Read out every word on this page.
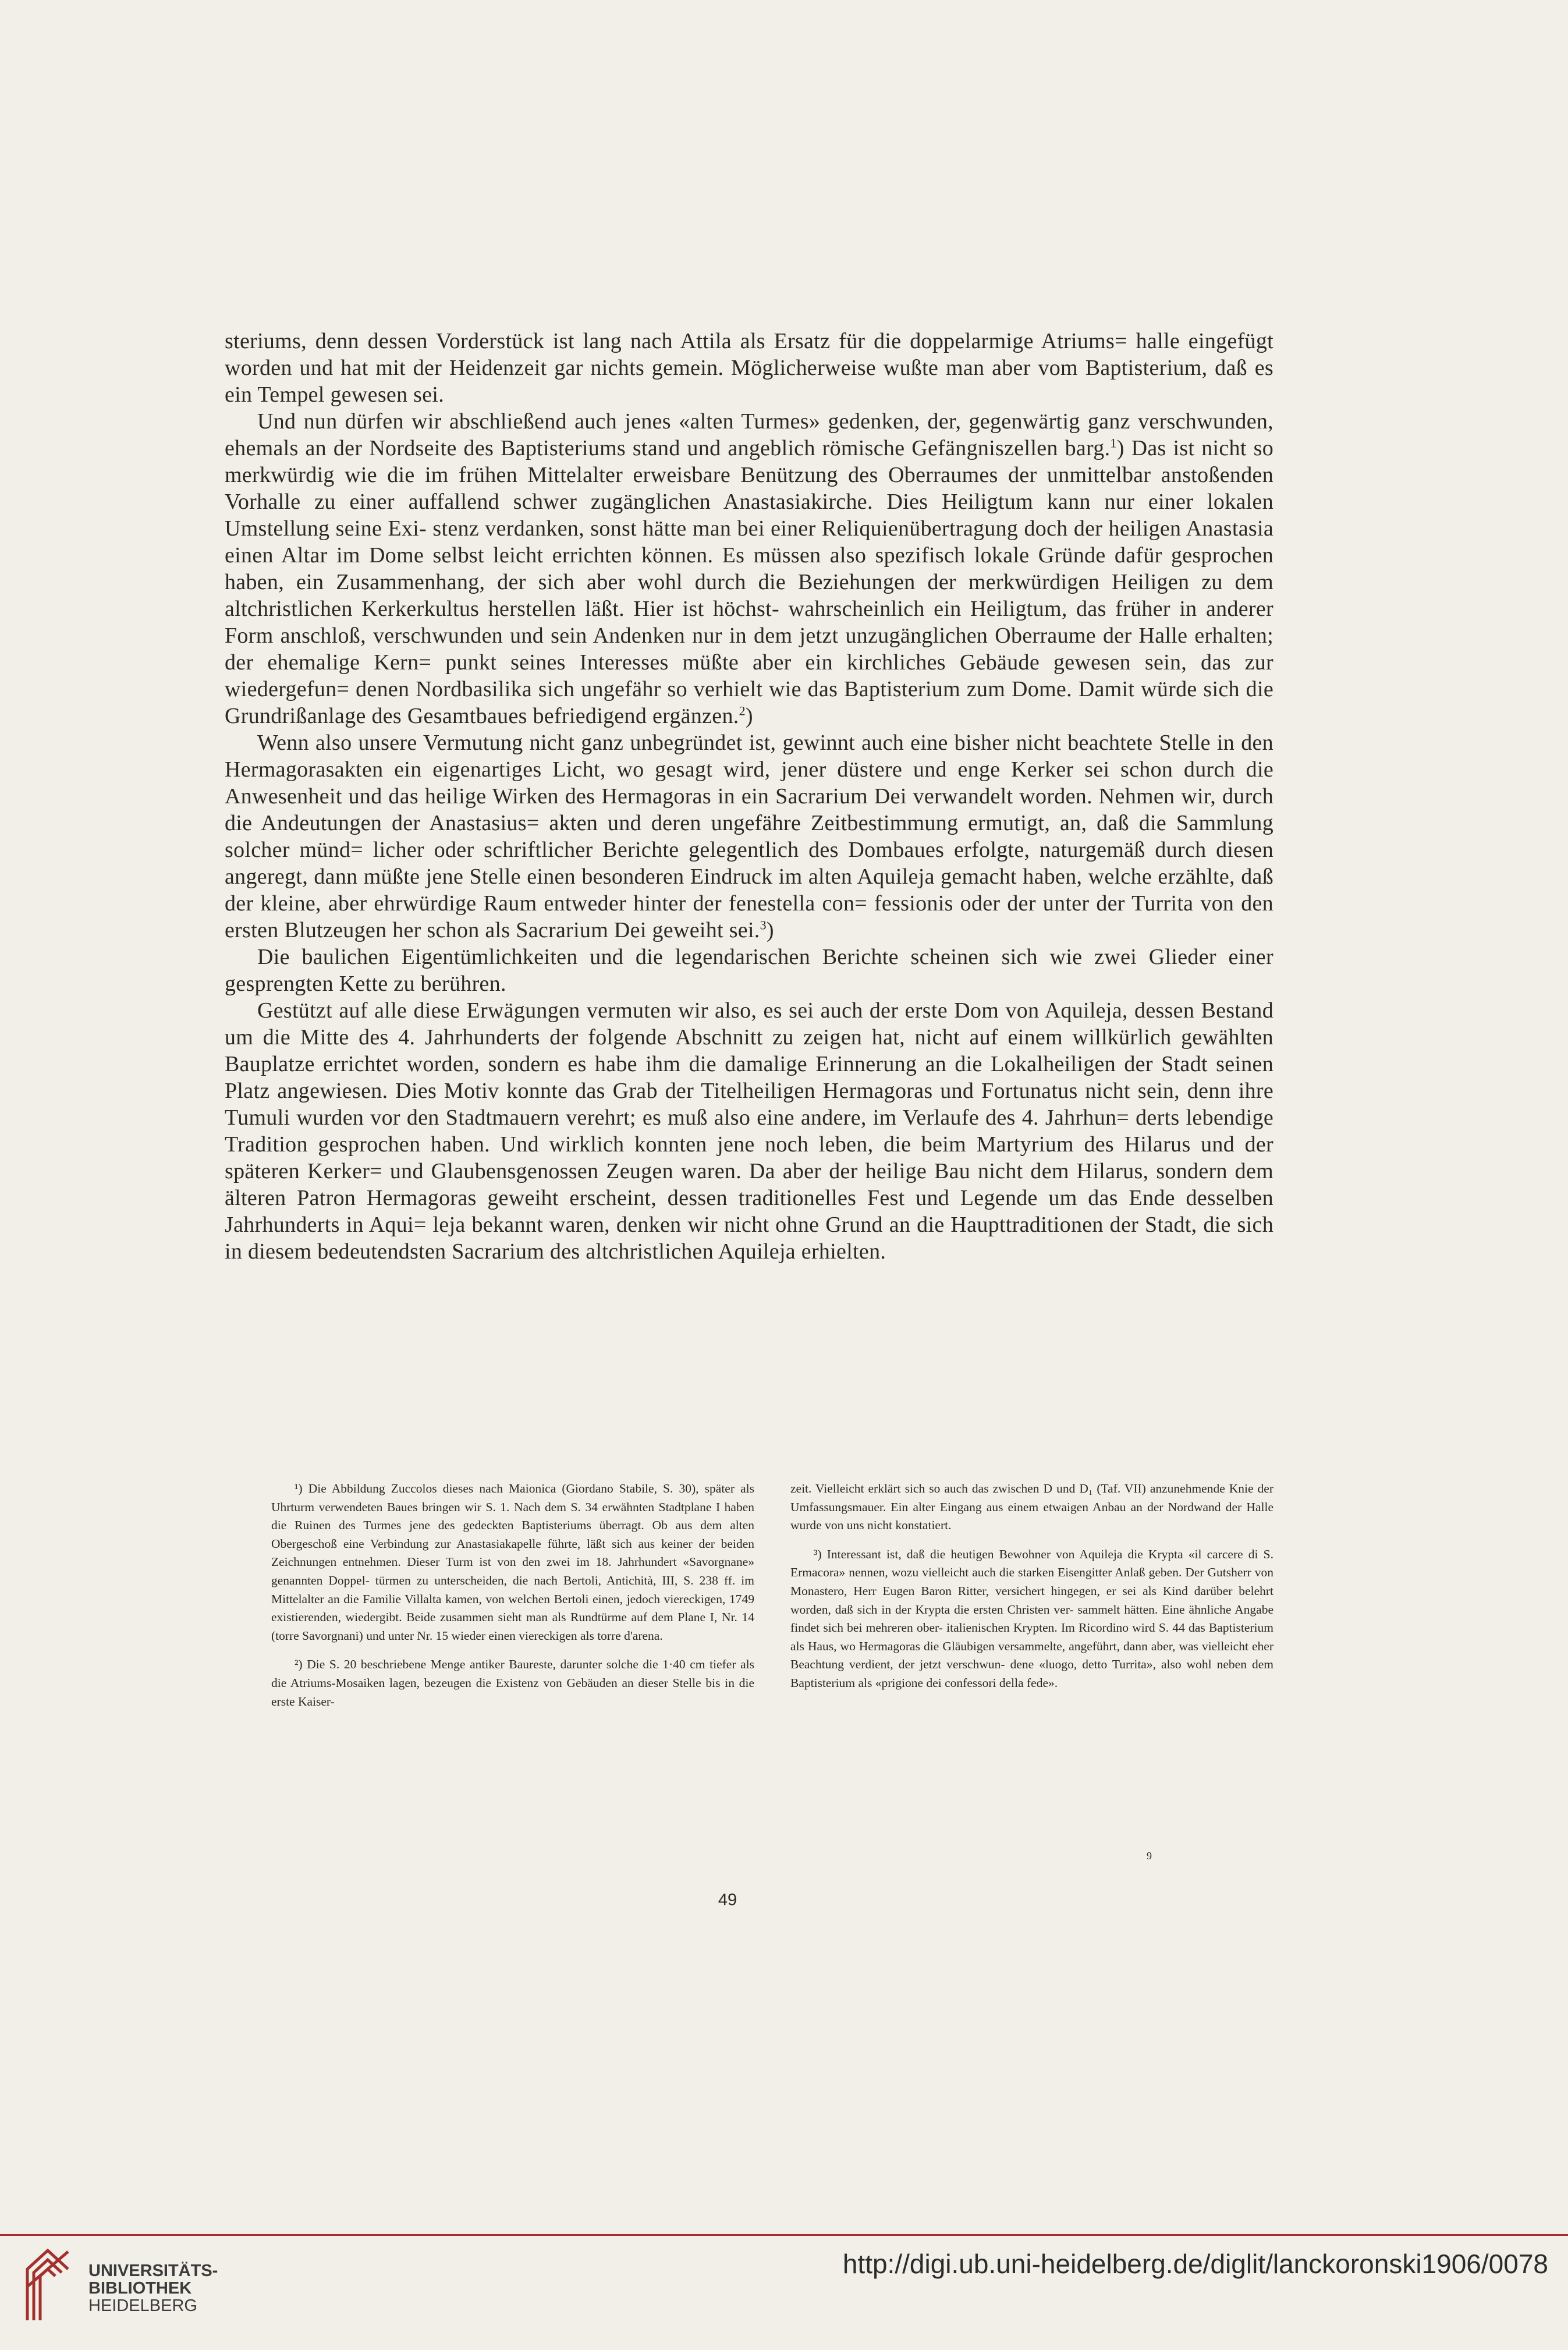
steriums, denn dessen Vorderstück ist lang nach Attila als Ersatz für die doppelarmige Atriums= halle eingefügt worden und hat mit der Heidenzeit gar nichts gemein. Möglicherweise wußte man aber vom Baptisterium, daß es ein Tempel gewesen sei.

Und nun dürfen wir abschließend auch jenes «alten Turmes» gedenken, der, gegenwärtig ganz verschwunden, ehemals an der Nordseite des Baptisteriums stand und angeblich römische Gefängniszellen barg.$^1$) Das ist nicht so merkwürdig wie die im frühen Mittelalter erweisbare Benützung des Oberraumes der unmittelbar anstoßenden Vorhalle zu einer auffallend schwer zugänglichen Anastasiakirche. Dies Heiligtum kann nur einer lokalen Umstellung seine Exi- stenz verdanken, sonst hätte man bei einer Reliquienübertragung doch der heiligen Anastasia einen Altar im Dome selbst leicht errichten können. Es müssen also spezifisch lokale Gründe dafür gesprochen haben, ein Zusammenhang, der sich aber wohl durch die Beziehungen der merkwürdigen Heiligen zu dem altchristlichen Kerkerkultus herstellen läßt. Hier ist höchst- wahrscheinlich ein Heiligtum, das früher in anderer Form anschloß, verschwunden und sein Andenken nur in dem jetzt unzugänglichen Oberraume der Halle erhalten; der ehemalige Kern= punkt seines Interesses müßte aber ein kirchliches Gebäude gewesen sein, das zur wiedergefun= denen Nordbasilika sich ungefähr so verhielt wie das Baptisterium zum Dome. Damit würde sich die Grundrißanlage des Gesamtbaues befriedigend ergänzen.$^2$)

Wenn also unsere Vermutung nicht ganz unbegründet ist, gewinnt auch eine bisher nicht beachtete Stelle in den Hermagorasakten ein eigenartiges Licht, wo gesagt wird, jener düstere und enge Kerker sei schon durch die Anwesenheit und das heilige Wirken des Hermagoras in ein Sacrarium Dei verwandelt worden. Nehmen wir, durch die Andeutungen der Anastasius= akten und deren ungefähre Zeitbestimmung ermutigt, an, daß die Sammlung solcher münd= licher oder schriftlicher Berichte gelegentlich des Dombaues erfolgte, naturgemäß durch diesen angeregt, dann müßte jene Stelle einen besonderen Eindruck im alten Aquileja gemacht haben, welche erzählte, daß der kleine, aber ehrwürdige Raum entweder hinter der fenestella con= fessionis oder der unter der Turrita von den ersten Blutzeugen her schon als Sacrarium Dei geweiht sei.$^3$)

Die baulichen Eigentümlichkeiten und die legendarischen Berichte scheinen sich wie zwei Glieder einer gesprengten Kette zu berühren.

Gestützt auf alle diese Erwägungen vermuten wir also, es sei auch der erste Dom von Aquileja, dessen Bestand um die Mitte des 4. Jahrhunderts der folgende Abschnitt zu zeigen hat, nicht auf einem willkürlich gewählten Bauplatze errichtet worden, sondern es habe ihm die damalige Erinnerung an die Lokalheiligen der Stadt seinen Platz angewiesen. Dies Motiv konnte das Grab der Titelheiligen Hermagoras und Fortunatus nicht sein, denn ihre Tumuli wurden vor den Stadtmauern verehrt; es muß also eine andere, im Verlaufe des 4. Jahrhun= derts lebendige Tradition gesprochen haben. Und wirklich konnten jene noch leben, die beim Martyrium des Hilarus und der späteren Kerker= und Glaubensgenossen Zeugen waren. Da aber der heilige Bau nicht dem Hilarus, sondern dem älteren Patron Hermagoras geweiht erscheint, dessen traditionelles Fest und Legende um das Ende desselben Jahrhunderts in Aqui= leja bekannt waren, denken wir nicht ohne Grund an die Haupttraditionen der Stadt, die sich in diesem bedeutendsten Sacrarium des altchristlichen Aquileja erhielten.

¹) Die Abbildung Zuccolos dieses nach Maionica (Giordano Stabile, S. 30), später als Uhrturm verwendeten Baues bringen wir S. 1. Nach dem S. 34 erwähnten Stadtplane I haben die Ruinen des Turmes jene des gedeckten Baptisteriums überragt. Ob aus dem alten Obergeschoß eine Verbindung zur Anastasiakapelle führte, läßt sich aus keiner der beiden Zeichnungen entnehmen. Dieser Turm ist von den zwei im 18. Jahrhundert «Savorgnane» genannten Doppel- türmen zu unterscheiden, die nach Bertoli, Antichità, III, S. 238 ff. im Mittelalter an die Familie Villalta kamen, von welchen Bertoli einen, jedoch viereckigen, 1749 existierenden, wiedergibt. Beide zusammen sieht man als Rundtürme auf dem Plane I, Nr. 14 (torre Savorgnani) und unter Nr. 15 wieder einen viereckigen als torre d'arena.

²) Die S. 20 beschriebene Menge antiker Baureste, darunter solche die 1·40 cm tiefer als die Atriums-Mosaiken lagen, bezeugen die Existenz von Gebäuden an dieser Stelle bis in die erste Kaiser-

zeit. Vielleicht erklärt sich so auch das zwischen D und D₁ (Taf. VII) anzunehmende Knie der Umfassungsmauer. Ein alter Eingang aus einem etwaigen Anbau an der Nordwand der Halle wurde von uns nicht konstatiert.

³) Interessant ist, daß die heutigen Bewohner von Aquileja die Krypta «il carcere di S. Ermacora» nennen, wozu vielleicht auch die starken Eisengitter Anlaß geben. Der Gutsherr von Monastero, Herr Eugen Baron Ritter, versichert hingegen, er sei als Kind darüber belehrt worden, daß sich in der Krypta die ersten Christen ver- sammelt hätten. Eine ähnliche Angabe findet sich bei mehreren ober- italienischen Krypten. Im Ricordino wird S. 44 das Baptisterium als Haus, wo Hermagoras die Gläubigen versammelte, angeführt, dann aber, was vielleicht eher Beachtung verdient, der jetzt verschwun- dene «luogo, detto Turrita», also wohl neben dem Baptisterium als «prigione dei confessori della fede».

9
49
UNIVERSITÄTS-
BIBLIOTHEK
HEIDELBERG
http://digi.ub.uni-heidelberg.de/diglit/lanckoronski1906/0078
